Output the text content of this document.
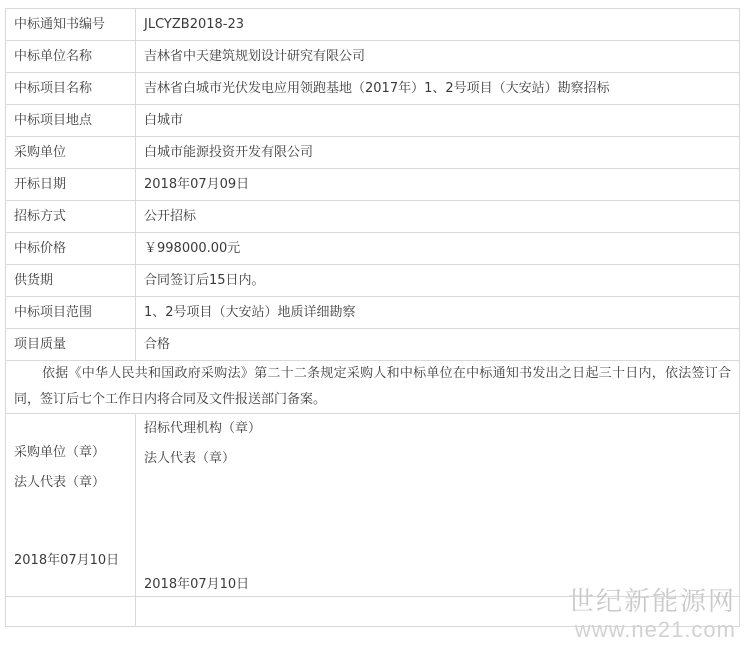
中标通知书编号	JLCYZB2018-23
中标单位名称	吉林省中天建筑规划设计研究有限公司
中标项目名称	吉林省白城市光伏发电应用领跑基地（2017年）1、2号项目（大安站）勘察招标
中标项目地点	白城市
采购单位	白城市能源投资开发有限公司
开标日期	2018年07月09日
招标方式	公开招标
中标价格	￥998000.00元
供货期	合同签订后15日内。
中标项目范围	1、2号项目（大安站）地质详细勘察
项目质量	合格

依据《中华人民共和国政府采购法》第二十二条规定采购人和中标单位在中标通知书发出之日起三十日内，依法签订合同，签订后七个工作日内将合同及文件报送部门备案。	

采购单位（章）
法人代表（章）
2018年07月10日

招标代理机构（章）
法人代表（章）
2018年07月10日

世纪新能源网
www.ne21.com
